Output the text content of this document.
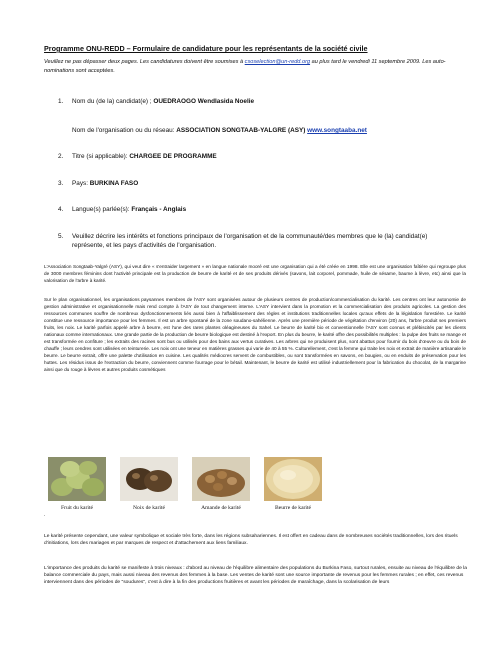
Programme ONU-REDD – Formulaire de candidature pour les représentants de la société civile
Veuillez ne pas dépasser deux pages. Les candidatures doivent être soumises à csoselection@un-redd.org au plus tard le vendredi 11 septembre 2009. Les auto-nominations sont acceptées.
1. Nom du (de la) candidat(e) ; OUEDRAOGO Wendlasida Noelie
Nom de l'organisation ou du réseau: ASSOCIATION SONGTAAB-YALGRE (ASY) www.songtaaba.net
2. Titre (si applicable): CHARGEE DE PROGRAMME
3. Pays: BURKINA FASO
4. Langue(s) parlée(s): Français - Anglais
5. Veuillez décrire les intérêts et fonctions principaux de l'organisation et de la communauté/des membres que le (la) candidat(e) représente, et les pays d'activités de l'organisation.
L'Association Songtaab-Yalgré (ASY), qui veut dire « s'entraider largement » en langue nationale mooré est une organisation qui a été créée en 1998. Elle est une organisation faîtière qui regroupe plus de 3000 membres féminins dont l'activité principale est la production de beurre de karité et de ses produits dérivés (savons, lait corporel, pommade, huile de sésame, baume à lèvre, etc) ainsi que la valorisation de l'arbre à karité.
Sur le plan organisationnel, les organisations paysannes membres de l'ASY sont organisées autour de plusieurs centres de production/commercialisation du karité. Les centres ont leur autonomie de gestion administrative et organisationnelle mais rend compte à l'ASY de tout changement interne. L'ASY intervient dans la promotion et la commercialisation des produits agricoles. La gestion des ressources communes souffre de nombreux dysfonctionnements liés aussi bien à l'affaiblissement des règles et institutions traditionnelles locales qu'aux effets de la législation forestière. Le karité constitue une ressource importance pour les femmes. Il est un arbre spontané de la zone soudano-sahélienne. Après une première période de végétation d'environ (20) ans, l'arbre produit ses premiers fruits, les noix. Le karité parfois appelé arbre à beurre, est l'une des rares plantes oléagineuses du Sahel. Le beurre de karité bio et conventionnelle l'ASY sont connus et plébiscités par les clients nationaux comme internationaux. Une grande partie de la production de beurre biologique est destiné à l'export. En plus du beurre, le karité offre des possibilités multiples : la pulpe des fruits se mange et est transformée en confiture ; les extraits des racines sont bus ou utilisés pour des bains aux vertus curatives. Les arbres qui ne produisent plus, sont abattus pour fournir du bois d'œuvre ou du bois de chauffe ; leurs cendres sont utilisées en teinturerie. Les noix ont une teneur en matières grasses qui varie de 40 à 55 %. Culturellement, c'est la femme qui traite les noix et extrait de manière artisanale le beurre. Le beurre extrait, offre une palette d'utilisation en cuisine. Les qualités médiocres servent de combustibles, ou sont transformées en savons, en bougies, ou en enduits de préservation pour les huttes. Les résidus issus de l'extraction du beurre, conviennent comme fourrage pour le bétail. Maintenant, le beurre de karité est utilisé industriellement pour la fabrication du chocolat, de la margarine ainsi que du rouge à lèvres et autres produits cosmétiques
Fruit du karité	Noix de karité	Amande de karité	Beurre de karité
.
Le karité présente cependant, une valeur symbolique et sociale très forte, dans les régions subsahariennes. Il est offert en cadeau dans de nombreuses sociétés traditionnelles, lors des rituels d'initiations, lors des mariages et par marques de respect et d'attachement aux liens familiaux.
L'importance des produits du karité se manifeste à trois niveaux : d'abord au niveau de l'équilibre alimentaire des populations du Burkina Faso, surtout rurales, ensuite au niveau de l'équilibre de la balance commerciale du pays, mais aussi niveau des revenus des femmes à la base. Les ventes de karité sont une source importante de revenus pour les femmes rurales ; en effet, ces revenus interviennent dans des périodes de "soudures", c'est à dire à la fin des productions fruitières et avant les périodes de maraîchage, dans la scolarisation de leurs
